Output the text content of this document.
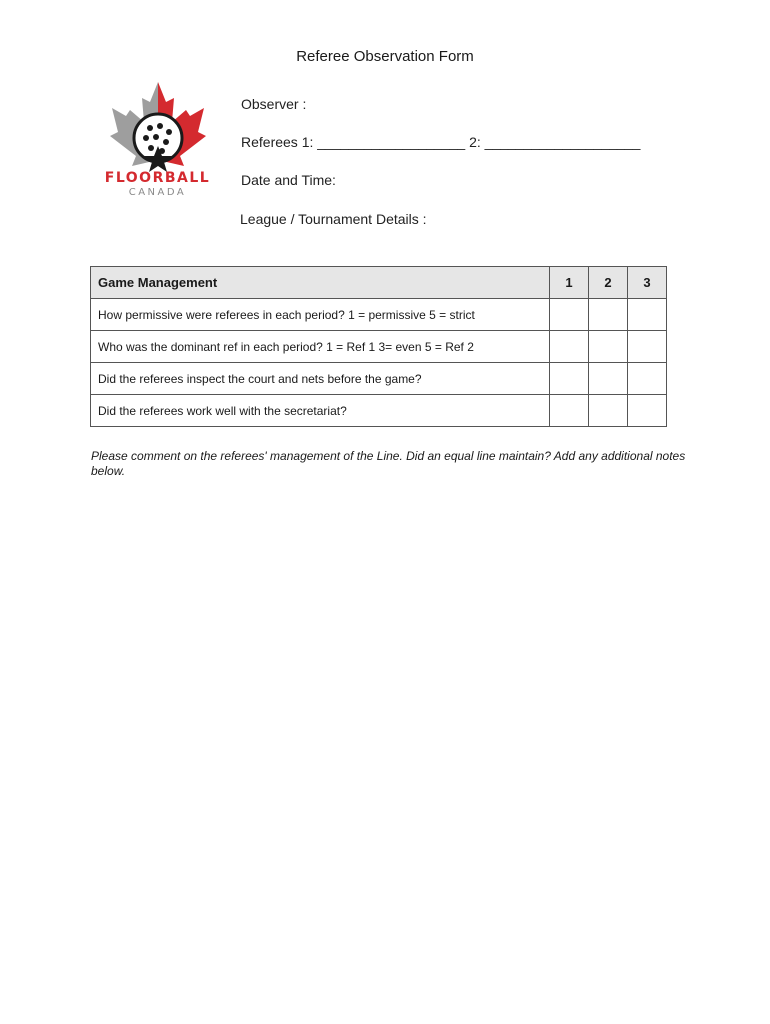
Referee Observation Form
FLOORBALL
CANADA
Observer :
Referees 1: ___________________ 2: ____________________
Date and Time:
League / Tournament Details :
Game Management	1	2	3
How permissive were referees in each period? 1 = permissive 5 = strict			
Who was the dominant ref in each period? 1 = Ref 1 3= even 5 = Ref 2			
Did the referees inspect the court and nets before the game?			
Did the referees work well with the secretariat?			
Please comment on the referees' management of the Line. Did an equal line maintain? Add any additional notes below.
